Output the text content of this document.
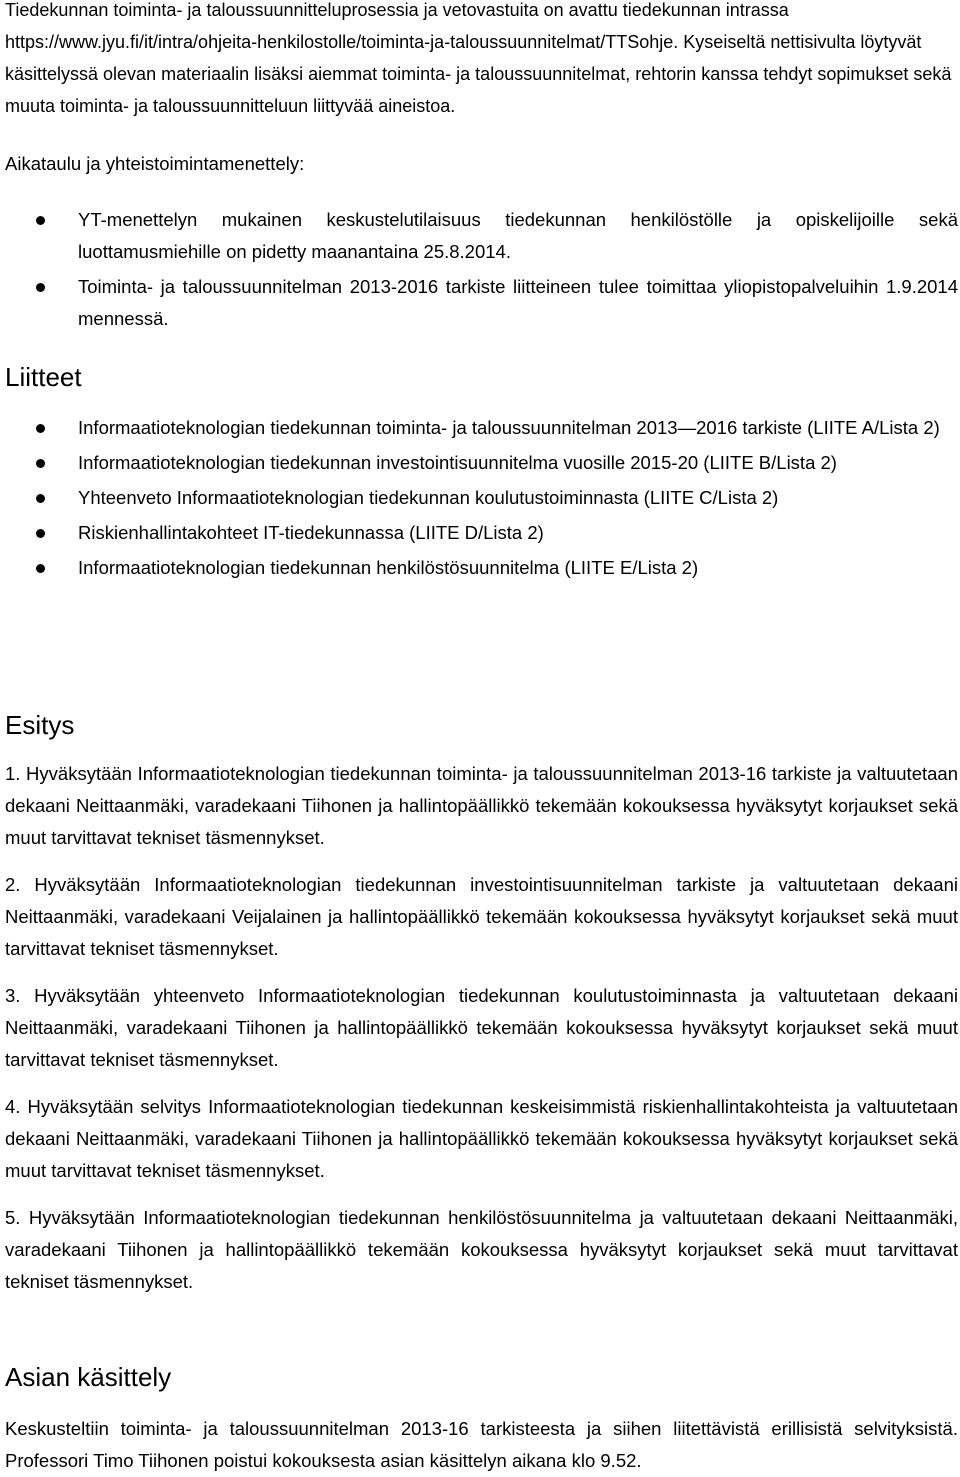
Tiedekunnan toiminta- ja taloussuunnitteluprosessia ja vetovastuita on avattu tiedekunnan intrassa https://www.jyu.fi/it/intra/ohjeita-henkilostolle/toiminta-ja-taloussuunnitelmat/TTSohje. Kyseiseltä nettisivulta löytyvät käsittelyssä olevan materiaalin lisäksi aiemmat toiminta- ja taloussuunnitelmat, rehtorin kanssa tehdyt sopimukset sekä muuta toiminta- ja taloussuunnitteluun liittyvää aineistoa.
Aikataulu ja yhteistoimintamenettely:
YT-menettelyn mukainen keskustelutilaisuus tiedekunnan henkilöstölle ja opiskelijoille sekä luottamusmiehille on pidetty maanantaina 25.8.2014.
Toiminta- ja taloussuunnitelman 2013-2016 tarkiste liitteineen tulee toimittaa yliopistopalveluihin 1.9.2014 mennessä.
Liitteet
Informaatioteknologian tiedekunnan toiminta- ja taloussuunnitelman 2013—2016 tarkiste (LIITE A/Lista 2)
Informaatioteknologian tiedekunnan investointisuunnitelma vuosille 2015-20 (LIITE B/Lista 2)
Yhteenveto Informaatioteknologian tiedekunnan koulutustoiminnasta (LIITE C/Lista 2)
Riskienhallintakohteet IT-tiedekunnassa (LIITE D/Lista 2)
Informaatioteknologian tiedekunnan henkilöstösuunnitelma (LIITE E/Lista 2)
Esitys
1. Hyväksytään Informaatioteknologian tiedekunnan toiminta- ja taloussuunnitelman 2013-16 tarkiste ja valtuutetaan dekaani Neittaanmäki, varadekaani Tiihonen ja hallintopäällikkö tekemään kokouksessa hyväksytyt korjaukset sekä muut tarvittavat tekniset täsmennykset.
2. Hyväksytään Informaatioteknologian tiedekunnan investointisuunnitelman tarkiste ja valtuutetaan dekaani Neittaanmäki, varadekaani Veijalainen ja hallintopäällikkö tekemään kokouksessa hyväksytyt korjaukset sekä muut tarvittavat tekniset täsmennykset.
3. Hyväksytään yhteenveto Informaatioteknologian tiedekunnan koulutustoiminnasta ja valtuutetaan dekaani Neittaanmäki, varadekaani Tiihonen ja hallintopäällikkö tekemään kokouksessa hyväksytyt korjaukset sekä muut tarvittavat tekniset täsmennykset.
4. Hyväksytään selvitys Informaatioteknologian tiedekunnan keskeisimmistä riskienhallintakohteista ja valtuutetaan dekaani Neittaanmäki, varadekaani Tiihonen ja hallintopäällikkö tekemään kokouksessa hyväksytyt korjaukset sekä muut tarvittavat tekniset täsmennykset.
5. Hyväksytään Informaatioteknologian tiedekunnan henkilöstösuunnitelma ja valtuutetaan dekaani Neittaanmäki, varadekaani Tiihonen ja hallintopäällikkö tekemään kokouksessa hyväksytyt korjaukset sekä muut tarvittavat tekniset täsmennykset.
Asian käsittely
Keskusteltiin toiminta- ja taloussuunnitelman 2013-16 tarkisteesta ja siihen liitettävistä erillisistä selvityksistä. Professori Timo Tiihonen poistui kokouksesta asian käsittelyn aikana klo 9.52.
